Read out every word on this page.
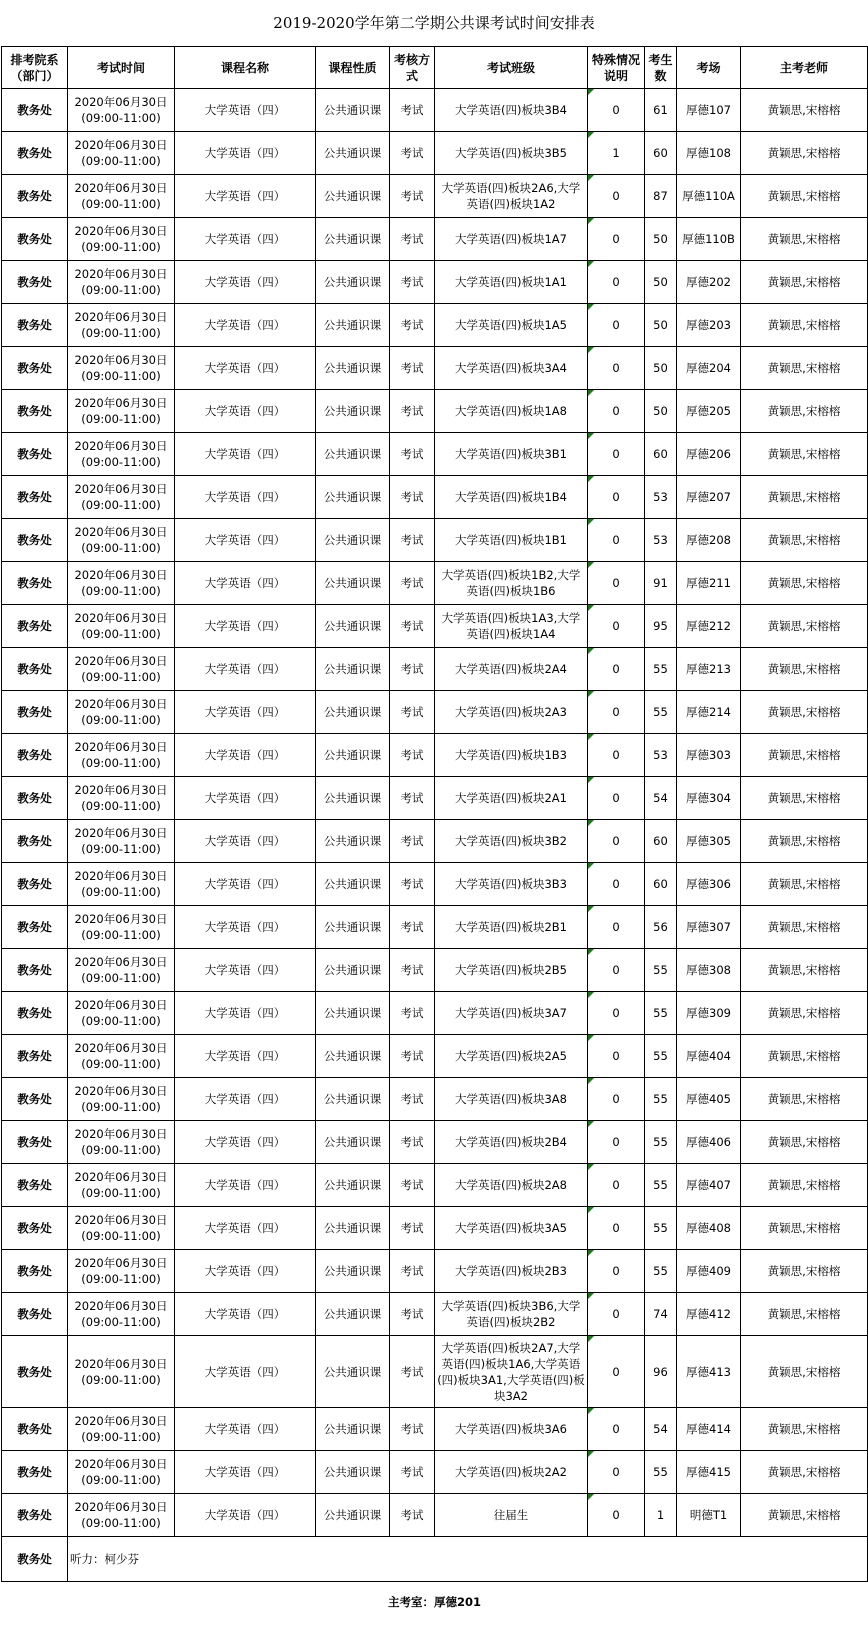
2019-2020学年第二学期公共课考试时间安排表
排考院系（部门）	考试时间	课程名称	课程性质	考核方式	考试班级	特殊情况说明	考生数	考场	主考老师
教务处	2020年06月30日(09:00-11:00)	大学英语（四）	公共通识课	考试	大学英语(四)板块3B4	0	61	厚德107	黄颖思,宋榕榕
教务处	2020年06月30日(09:00-11:00)	大学英语（四）	公共通识课	考试	大学英语(四)板块3B5	1	60	厚德108	黄颖思,宋榕榕
教务处	2020年06月30日(09:00-11:00)	大学英语（四）	公共通识课	考试	大学英语(四)板块2A6,大学英语(四)板块1A2	0	87	厚德110A	黄颖思,宋榕榕
教务处	2020年06月30日(09:00-11:00)	大学英语（四）	公共通识课	考试	大学英语(四)板块1A7	0	50	厚德110B	黄颖思,宋榕榕
教务处	2020年06月30日(09:00-11:00)	大学英语（四）	公共通识课	考试	大学英语(四)板块1A1	0	50	厚德202	黄颖思,宋榕榕
教务处	2020年06月30日(09:00-11:00)	大学英语（四）	公共通识课	考试	大学英语(四)板块1A5	0	50	厚德203	黄颖思,宋榕榕
教务处	2020年06月30日(09:00-11:00)	大学英语（四）	公共通识课	考试	大学英语(四)板块3A4	0	50	厚德204	黄颖思,宋榕榕
教务处	2020年06月30日(09:00-11:00)	大学英语（四）	公共通识课	考试	大学英语(四)板块1A8	0	50	厚德205	黄颖思,宋榕榕
教务处	2020年06月30日(09:00-11:00)	大学英语（四）	公共通识课	考试	大学英语(四)板块3B1	0	60	厚德206	黄颖思,宋榕榕
教务处	2020年06月30日(09:00-11:00)	大学英语（四）	公共通识课	考试	大学英语(四)板块1B4	0	53	厚德207	黄颖思,宋榕榕
教务处	2020年06月30日(09:00-11:00)	大学英语（四）	公共通识课	考试	大学英语(四)板块1B1	0	53	厚德208	黄颖思,宋榕榕
教务处	2020年06月30日(09:00-11:00)	大学英语（四）	公共通识课	考试	大学英语(四)板块1B2,大学英语(四)板块1B6	0	91	厚德211	黄颖思,宋榕榕
教务处	2020年06月30日(09:00-11:00)	大学英语（四）	公共通识课	考试	大学英语(四)板块1A3,大学英语(四)板块1A4	0	95	厚德212	黄颖思,宋榕榕
教务处	2020年06月30日(09:00-11:00)	大学英语（四）	公共通识课	考试	大学英语(四)板块2A4	0	55	厚德213	黄颖思,宋榕榕
教务处	2020年06月30日(09:00-11:00)	大学英语（四）	公共通识课	考试	大学英语(四)板块2A3	0	55	厚德214	黄颖思,宋榕榕
教务处	2020年06月30日(09:00-11:00)	大学英语（四）	公共通识课	考试	大学英语(四)板块1B3	0	53	厚德303	黄颖思,宋榕榕
教务处	2020年06月30日(09:00-11:00)	大学英语（四）	公共通识课	考试	大学英语(四)板块2A1	0	54	厚德304	黄颖思,宋榕榕
教务处	2020年06月30日(09:00-11:00)	大学英语（四）	公共通识课	考试	大学英语(四)板块3B2	0	60	厚德305	黄颖思,宋榕榕
教务处	2020年06月30日(09:00-11:00)	大学英语（四）	公共通识课	考试	大学英语(四)板块3B3	0	60	厚德306	黄颖思,宋榕榕
教务处	2020年06月30日(09:00-11:00)	大学英语（四）	公共通识课	考试	大学英语(四)板块2B1	0	56	厚德307	黄颖思,宋榕榕
教务处	2020年06月30日(09:00-11:00)	大学英语（四）	公共通识课	考试	大学英语(四)板块2B5	0	55	厚德308	黄颖思,宋榕榕
教务处	2020年06月30日(09:00-11:00)	大学英语（四）	公共通识课	考试	大学英语(四)板块3A7	0	55	厚德309	黄颖思,宋榕榕
教务处	2020年06月30日(09:00-11:00)	大学英语（四）	公共通识课	考试	大学英语(四)板块2A5	0	55	厚德404	黄颖思,宋榕榕
教务处	2020年06月30日(09:00-11:00)	大学英语（四）	公共通识课	考试	大学英语(四)板块3A8	0	55	厚德405	黄颖思,宋榕榕
教务处	2020年06月30日(09:00-11:00)	大学英语（四）	公共通识课	考试	大学英语(四)板块2B4	0	55	厚德406	黄颖思,宋榕榕
教务处	2020年06月30日(09:00-11:00)	大学英语（四）	公共通识课	考试	大学英语(四)板块2A8	0	55	厚德407	黄颖思,宋榕榕
教务处	2020年06月30日(09:00-11:00)	大学英语（四）	公共通识课	考试	大学英语(四)板块3A5	0	55	厚德408	黄颖思,宋榕榕
教务处	2020年06月30日(09:00-11:00)	大学英语（四）	公共通识课	考试	大学英语(四)板块2B3	0	55	厚德409	黄颖思,宋榕榕
教务处	2020年06月30日(09:00-11:00)	大学英语（四）	公共通识课	考试	大学英语(四)板块3B6,大学英语(四)板块2B2	0	74	厚德412	黄颖思,宋榕榕
教务处	2020年06月30日(09:00-11:00)	大学英语（四）	公共通识课	考试	大学英语(四)板块2A7,大学英语(四)板块1A6,大学英语(四)板块3A1,大学英语(四)板块3A2	0	96	厚德413	黄颖思,宋榕榕
教务处	2020年06月30日(09:00-11:00)	大学英语（四）	公共通识课	考试	大学英语(四)板块3A6	0	54	厚德414	黄颖思,宋榕榕
教务处	2020年06月30日(09:00-11:00)	大学英语（四）	公共通识课	考试	大学英语(四)板块2A2	0	55	厚德415	黄颖思,宋榕榕
教务处	2020年06月30日(09:00-11:00)	大学英语（四）	公共通识课	考试	往届生	0	1	明德T1	黄颖思,宋榕榕
教务处	听力：柯少芬								
主考室：厚德201									
